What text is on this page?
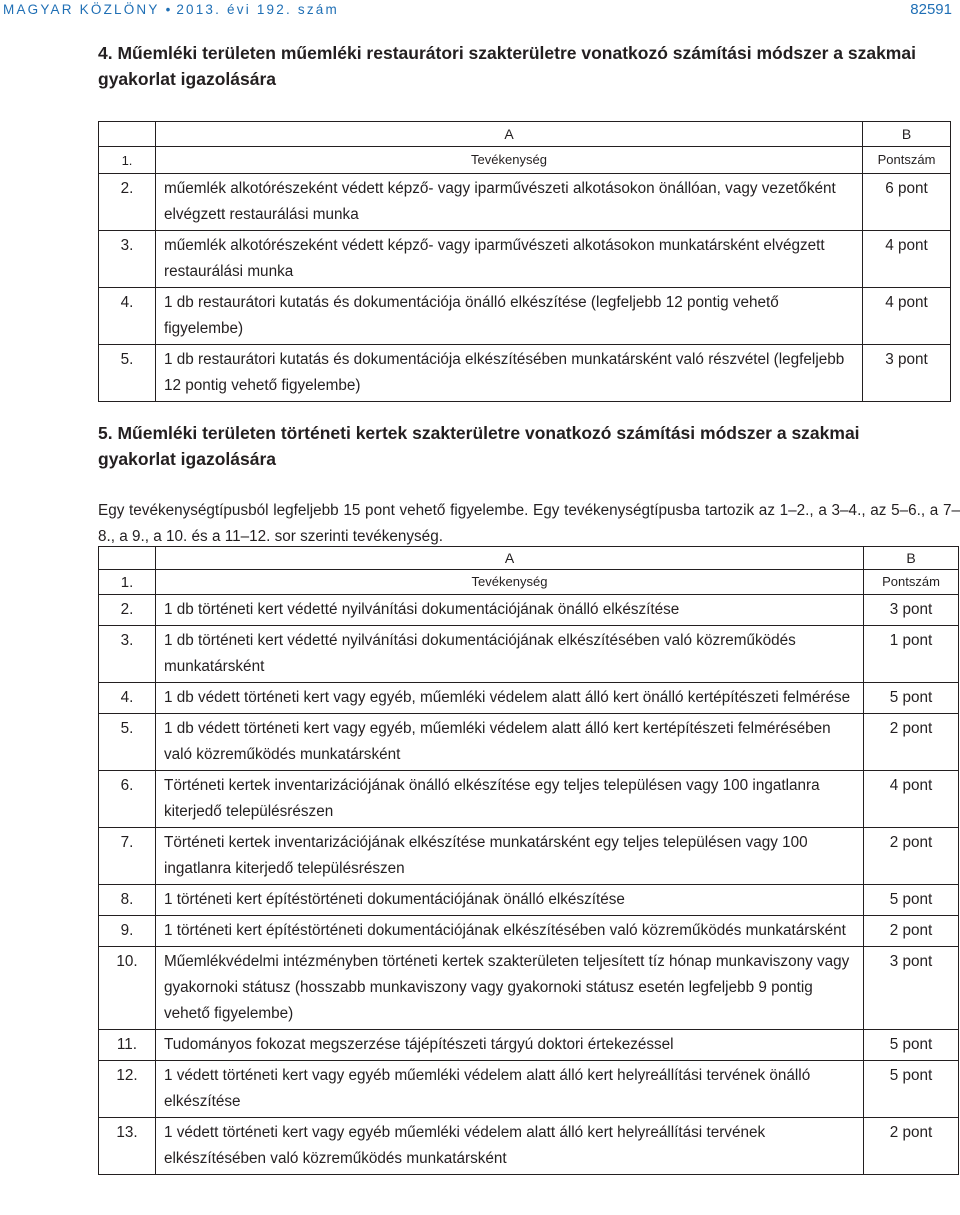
MAGYAR KÖZLÖNY • 2013. évi 192. szám	82591
4. Műemléki területen műemléki restaurátori szakterületre vonatkozó számítási módszer a szakmai gyakorlat igazolására
	A	B
1.	Tevékenység	Pontszám
2.	műemlék alkotórészeként védett képző- vagy iparművészeti alkotásokon önállóan, vagy vezetőként elvégzett restaurálási munka	6 pont
3.	műemlék alkotórészeként védett képző- vagy iparművészeti alkotásokon munkatársként elvégzett restaurálási munka	4 pont
4.	1 db restaurátori kutatás és dokumentációja önálló elkészítése (legfeljebb 12 pontig vehető figyelembe)	4 pont
5.	1 db restaurátori kutatás és dokumentációja elkészítésében munkatársként való részvétel (legfeljebb 12 pontig vehető figyelembe)	3 pont
5. Műemléki területen történeti kertek szakterületre vonatkozó számítási módszer a szakmai gyakorlat igazolására
Egy tevékenységtípusból legfeljebb 15 pont vehető figyelembe. Egy tevékenységtípusba tartozik az 1–2., a 3–4., az 5–6., a 7–8., a 9., a 10. és a 11–12. sor szerinti tevékenység.
	A	B
1.	Tevékenység	Pontszám
2.	1 db történeti kert védetté nyilvánítási dokumentációjának önálló elkészítése	3 pont
3.	1 db történeti kert védetté nyilvánítási dokumentációjának elkészítésében való közreműködés munkatársként	1 pont
4.	1 db védett történeti kert vagy egyéb, műemléki védelem alatt álló kert önálló kertépítészeti felmérése	5 pont
5.	1 db védett történeti kert vagy egyéb, műemléki védelem alatt álló kert kertépítészeti felmérésében való közreműködés munkatársként	2 pont
6.	Történeti kertek inventarizációjának önálló elkészítése egy teljes településen vagy 100 ingatlanra kiterjedő településrészen	4 pont
7.	Történeti kertek inventarizációjának elkészítése munkatársként egy teljes településen vagy 100 ingatlanra kiterjedő településrészen	2 pont
8.	1 történeti kert építéstörténeti dokumentációjának önálló elkészítése	5 pont
9.	1 történeti kert építéstörténeti dokumentációjának elkészítésében való közreműködés munkatársként	2 pont
10.	Műemlékvédelmi intézményben történeti kertek szakterületen teljesített tíz hónap munkaviszony vagy gyakornoki státusz (hosszabb munkaviszony vagy gyakornoki státusz esetén legfeljebb 9 pontig vehető figyelembe)	3 pont
11.	Tudományos fokozat megszerzése tájépítészeti tárgyú doktori értekezéssel	5 pont
12.	1 védett történeti kert vagy egyéb műemléki védelem alatt álló kert helyreállítási tervének önálló elkészítése	5 pont
13.	1 védett történeti kert vagy egyéb műemléki védelem alatt álló kert helyreállítási tervének elkészítésében való közreműködés munkatársként	2 pont
